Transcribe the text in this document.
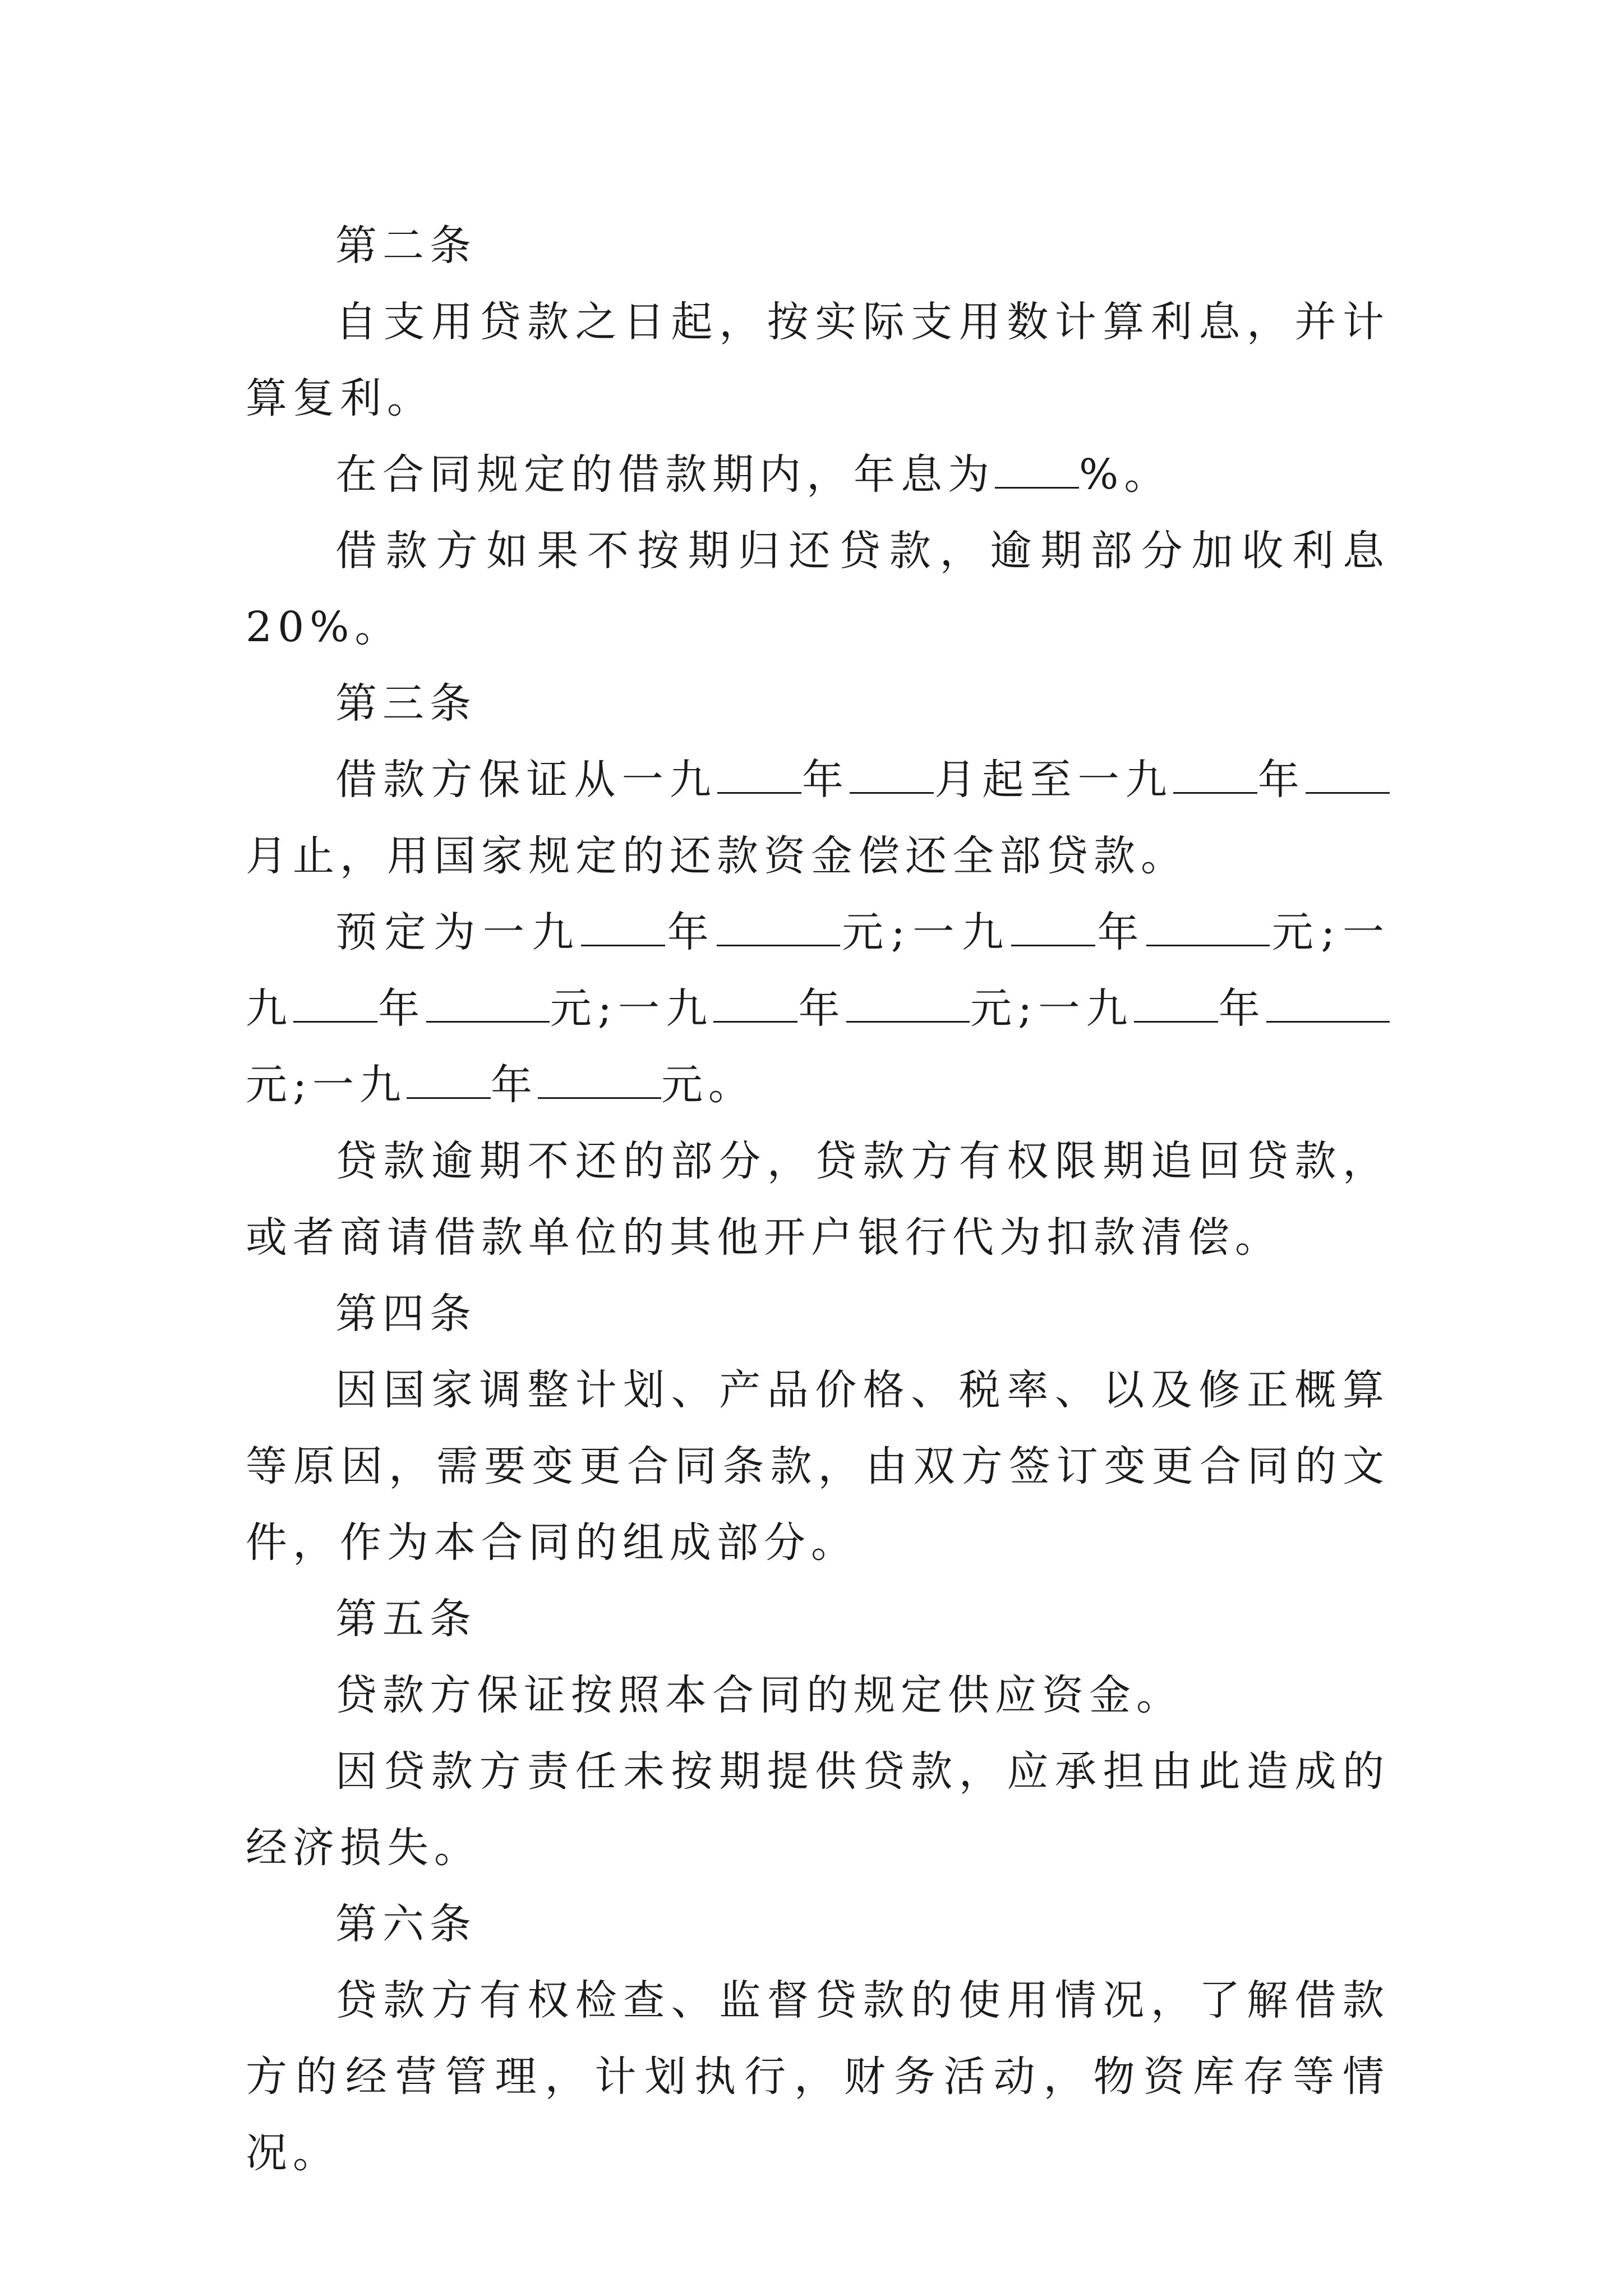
第二条

自支用贷款之日起，按实际支用数计算利息，并计算复利。

在合同规定的借款期内，年息为 %。

借款方如果不按期归还贷款，逾期部分加收利息20%。

第三条

借款方保证从一九 年 月起至一九 年月止，用国家规定的还款资金偿还全部贷款。

预定为一九 年	元;一九 年	元;一九 年	元;一九 年	元;一九 年元;一九 年	元。

贷款逾期不还的部分，贷款方有权限期追回贷款，或者商请借款单位的其他开户银行代为扣款清偿。

第四条

因国家调整计划、产品价格、税率、以及修正概算等原因，需要变更合同条款，由双方签订变更合同的文件，作为本合同的组成部分。

第五条

贷款方保证按照本合同的规定供应资金。

因贷款方责任未按期提供贷款，应承担由此造成的经济损失。

第六条

贷款方有权检查、监督贷款的使用情况，了解借款方的经营管理，计划执行，财务活动，物资库存等情况。
